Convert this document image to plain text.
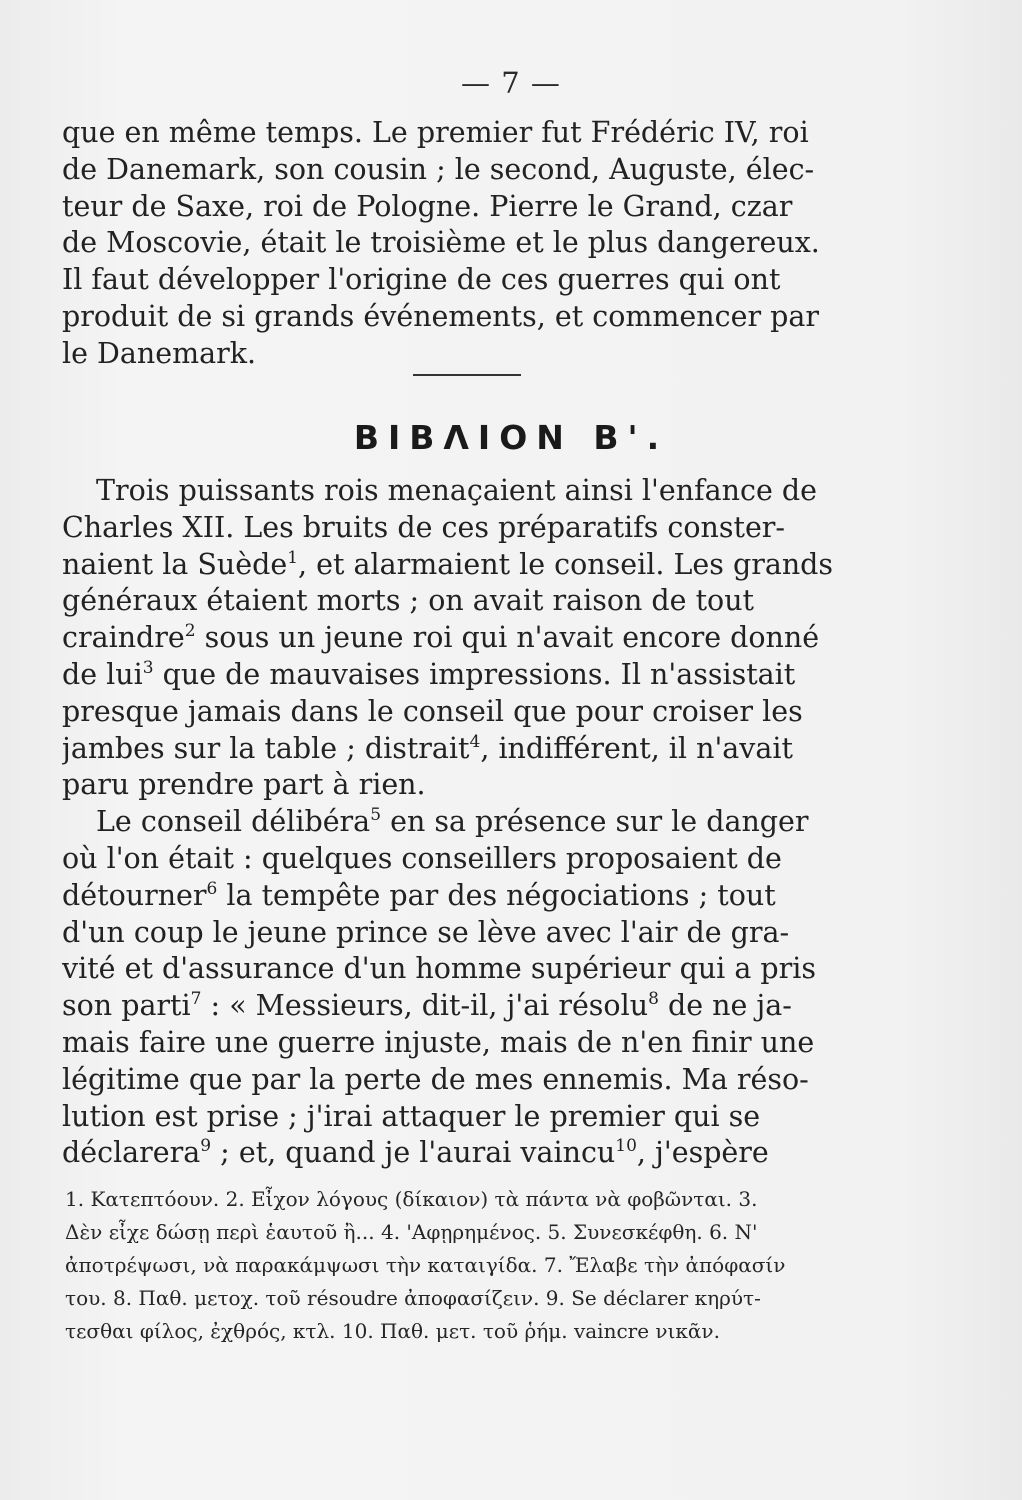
— 7 —
que en même temps. Le premier fut Frédéric IV, roi
de Danemark, son cousin ; le second, Auguste, élec-
teur de Saxe, roi de Pologne. Pierre le Grand, czar
de Moscovie, était le troisième et le plus dangereux.
Il faut développer l'origine de ces guerres qui ont
produit de si grands événements, et commencer par
le Danemark.
BIBΛION B'.
Trois puissants rois menaçaient ainsi l'enfance de
Charles XII. Les bruits de ces préparatifs conster-
naient la Suède$^1$, et alarmaient le conseil. Les grands
généraux étaient morts ; on avait raison de tout
craindre$^2$ sous un jeune roi qui n'avait encore donné
de lui$^3$ que de mauvaises impressions. Il n'assistait
presque jamais dans le conseil que pour croiser les
jambes sur la table ; distrait$^4$, indifférent, il n'avait
paru prendre part à rien.
Le conseil délibéra$^5$ en sa présence sur le danger
où l'on était : quelques conseillers proposaient de
détourner$^6$ la tempête par des négociations ; tout
d'un coup le jeune prince se lève avec l'air de gra-
vité et d'assurance d'un homme supérieur qui a pris
son parti$^7$ : « Messieurs, dit-il, j'ai résolu$^8$ de ne ja-
mais faire une guerre injuste, mais de n'en finir une
légitime que par la perte de mes ennemis. Ma réso-
lution est prise ; j'irai attaquer le premier qui se
déclarera$^9$ ; et, quand je l'aurai vaincu$^{10}$, j'espère
1. Κατεπτόουν. 2. Εἶχον λόγους (δίκαιον) τὰ πάντα νὰ φοβῶνται. 3.
Δὲν εἶχε δώσῃ περὶ ἑαυτοῦ ἢ... 4. 'Αφῃρημένος. 5. Συνεσκέφθη. 6. Ν'
ἀποτρέψωσι, νὰ παρακάμψωσι τὴν καταιγίδα. 7. Ἔλαβε τὴν ἀπόφασίν
του. 8. Παθ. μετοχ. τοῦ résoudre ἀποφασίζειν. 9. Se déclarer κηρύτ-
τεσθαι φίλος, ἐχθρός, κτλ. 10. Παθ. μετ. τοῦ ῥήμ. vaincre νικᾶν.
